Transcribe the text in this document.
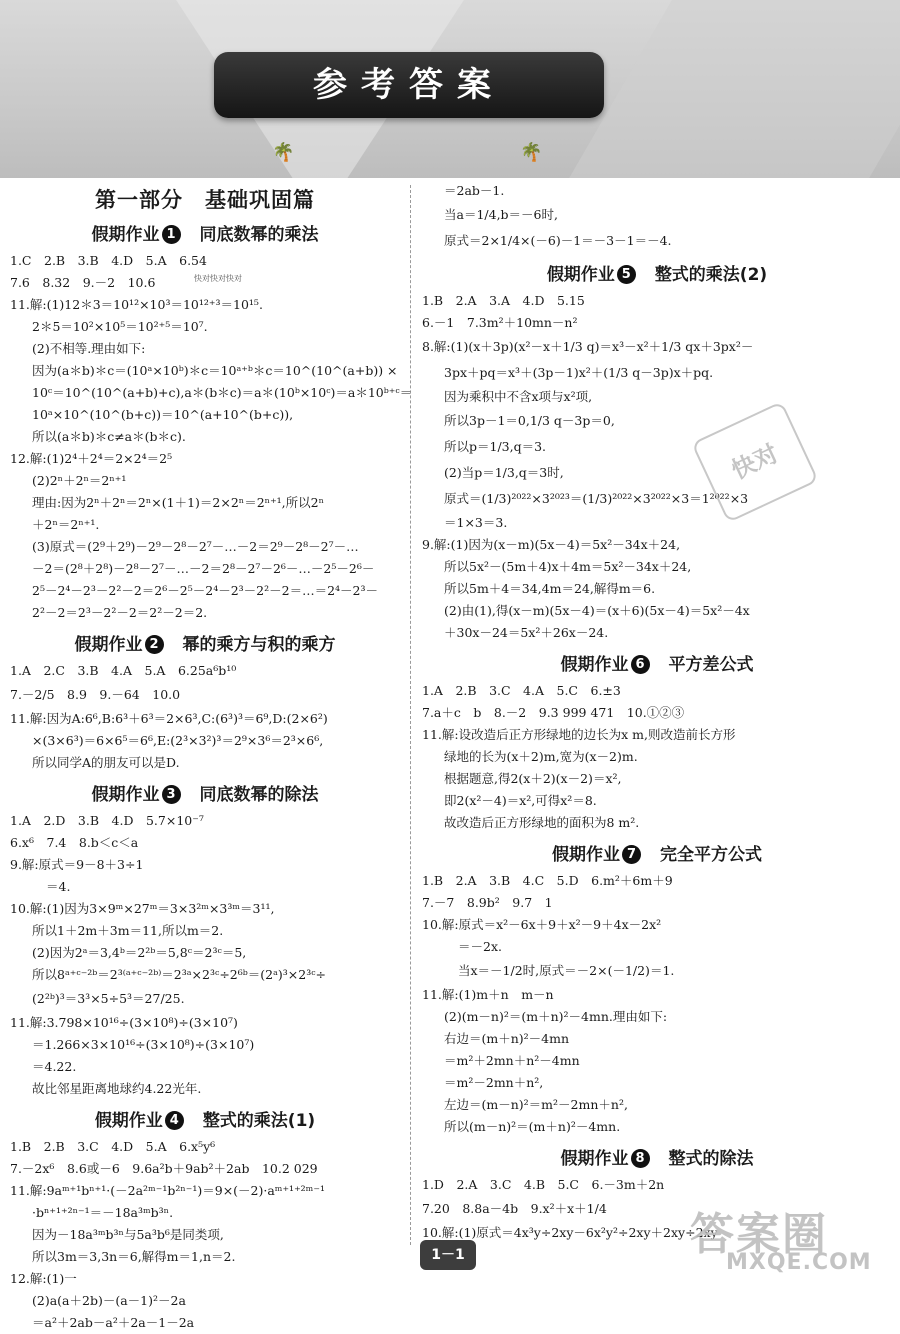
参考答案
🌴	🌴
第一部分　基础巩固篇
假期作业 1　 同底数幂的乘法
1.C　2.B　3.B　4.D　5.A　6.54
7.6　8.32　9.－2　10.6
11.解:(1)12＊3＝10¹²×10³＝10¹²⁺³＝10¹⁵.
2＊5＝10²×10⁵＝10²⁺⁵＝10⁷.
(2)不相等.理由如下:
因为(a＊b)＊c＝(10ᵃ×10ᵇ)＊c＝10ᵃ⁺ᵇ＊c＝10^(10^(a+b)) ×
10ᶜ＝10^(10^(a+b)+c),a＊(b＊c)＝a＊(10ᵇ×10ᶜ)＝a＊10ᵇ⁺ᶜ＝
10ᵃ×10^(10^(b+c))＝10^(a+10^(b+c)),
所以(a＊b)＊c≠a＊(b＊c).
12.解:(1)2⁴＋2⁴＝2×2⁴＝2⁵
(2)2ⁿ＋2ⁿ＝2ⁿ⁺¹
理由:因为2ⁿ＋2ⁿ＝2ⁿ×(1＋1)＝2×2ⁿ＝2ⁿ⁺¹,所以2ⁿ
＋2ⁿ＝2ⁿ⁺¹.
(3)原式＝(2⁹＋2⁹)－2⁹－2⁸－2⁷－…－2＝2⁹－2⁸－2⁷－…
－2＝(2⁸＋2⁸)－2⁸－2⁷－…－2＝2⁸－2⁷－2⁶－…－2⁵－2⁶－
2⁵－2⁴－2³－2²－2＝2⁶－2⁵－2⁴－2³－2²－2＝…＝2⁴－2³－
2²－2＝2³－2²－2＝2²－2＝2.
假期作业 2　 幂的乘方与积的乘方
1.A　2.C　3.B　4.A　5.A　6.25a⁶b¹⁰
7.－2/5　8.9　9.－64　10.0
11.解:因为A:6⁶,B:6³＋6³＝2×6³,C:(6³)³＝6⁹,D:(2×6²)
×(3×6³)＝6×6⁵＝6⁶,E:(2³×3²)³＝2⁹×3⁶＝2³×6⁶,
所以同学A的朋友可以是D.
假期作业 3　 同底数幂的除法
1.A　2.D　3.B　4.D　5.7×10⁻⁷
6.x⁶　7.4　8.b＜c＜a
9.解:原式＝9－8＋3÷1
＝4.
10.解:(1)因为3×9ᵐ×27ᵐ＝3×3²ᵐ×3³ᵐ＝3¹¹,
所以1＋2m＋3m＝11,所以m＝2.
(2)因为2ᵃ＝3,4ᵇ＝2²ᵇ＝5,8ᶜ＝2³ᶜ＝5,
所以8ᵃ⁺ᶜ⁻²ᵇ＝2³⁽ᵃ⁺ᶜ⁻²ᵇ⁾＝2³ᵃ×2³ᶜ÷2⁶ᵇ＝(2ᵃ)³×2³ᶜ÷
(2²ᵇ)³＝3³×5÷5³＝27/25.
11.解:3.798×10¹⁶÷(3×10⁸)÷(3×10⁷)
＝1.266×3×10¹⁶÷(3×10⁸)÷(3×10⁷)
＝4.22.
故比邻星距离地球约4.22光年.
假期作业 4　 整式的乘法(1)
1.B　2.B　3.C　4.D　5.A　6.x⁵y⁶
7.－2x⁶　8.6或－6　9.6a²b＋9ab²＋2ab　10.2 029
11.解:9aᵐ⁺¹bⁿ⁺¹·(－2a²ᵐ⁻¹b²ⁿ⁻¹)＝9×(－2)·aᵐ⁺¹⁺²ᵐ⁻¹
·bⁿ⁺¹⁺²ⁿ⁻¹＝－18a³ᵐb³ⁿ.
因为－18a³ᵐb³ⁿ与5a³b⁶是同类项,
所以3m＝3,3n＝6,解得m＝1,n＝2.
12.解:(1)一
(2)a(a＋2b)－(a－1)²－2a
＝a²＋2ab－a²＋2a－1－2a
快对快对快对
＝2ab－1.
当a＝1/4,b＝－6时,
原式＝2×1/4×(－6)－1＝－3－1＝－4.
假期作业 5　 整式的乘法(2)
1.B　2.A　3.A　4.D　5.15
6.－1　7.3m²＋10mn－n²
8.解:(1)(x＋3p)(x²－x＋1/3 q)＝x³－x²＋1/3 qx＋3px²－
3px＋pq＝x³＋(3p－1)x²＋(1/3 q－3p)x＋pq.
因为乘积中不含x项与x²项,
所以3p－1＝0,1/3 q－3p＝0,
所以p＝1/3,q＝3.
(2)当p＝1/3,q＝3时,
原式＝(1/3)²⁰²²×3²⁰²³＝(1/3)²⁰²²×3²⁰²²×3＝1²⁰²²×3
＝1×3＝3.
9.解:(1)因为(x－m)(5x－4)＝5x²－34x＋24,
所以5x²－(5m＋4)x＋4m＝5x²－34x＋24,
所以5m＋4＝34,4m＝24,解得m＝6.
(2)由(1),得(x－m)(5x－4)＝(x＋6)(5x－4)＝5x²－4x
＋30x－24＝5x²＋26x－24.
假期作业 6　 平方差公式
1.A　2.B　3.C　4.A　5.C　6.±3
7.a＋c　b　8.－2　9.3 999 471　10.①②③
11.解:设改造后正方形绿地的边长为x m,则改造前长方形
绿地的长为(x＋2)m,宽为(x－2)m.
根据题意,得2(x＋2)(x－2)＝x²,
即2(x²－4)＝x²,可得x²＝8.
故改造后正方形绿地的面积为8 m².
假期作业 7　 完全平方公式
1.B　2.A　3.B　4.C　5.D　6.m²＋6m＋9
7.－7　8.9b²　9.7　1
10.解:原式＝x²－6x＋9＋x²－9＋4x－2x²
＝－2x.
当x＝－1/2时,原式＝－2×(－1/2)＝1.
11.解:(1)m＋n　m－n
(2)(m－n)²＝(m＋n)²－4mn.理由如下:
右边＝(m＋n)²－4mn
＝m²＋2mn＋n²－4mn
＝m²－2mn＋n²,
左边＝(m－n)²＝m²－2mn＋n²,
所以(m－n)²＝(m＋n)²－4mn.
假期作业 8　 整式的除法
1.D　2.A　3.C　4.B　5.C　6.－3m＋2n
7.20　8.8a－4b　9.x²＋x＋1/4
10.解:(1)原式＝4x³y÷2xy－6x²y²÷2xy＋2xy÷2xy
快对
1－1	答案圈
MXQE.COM
